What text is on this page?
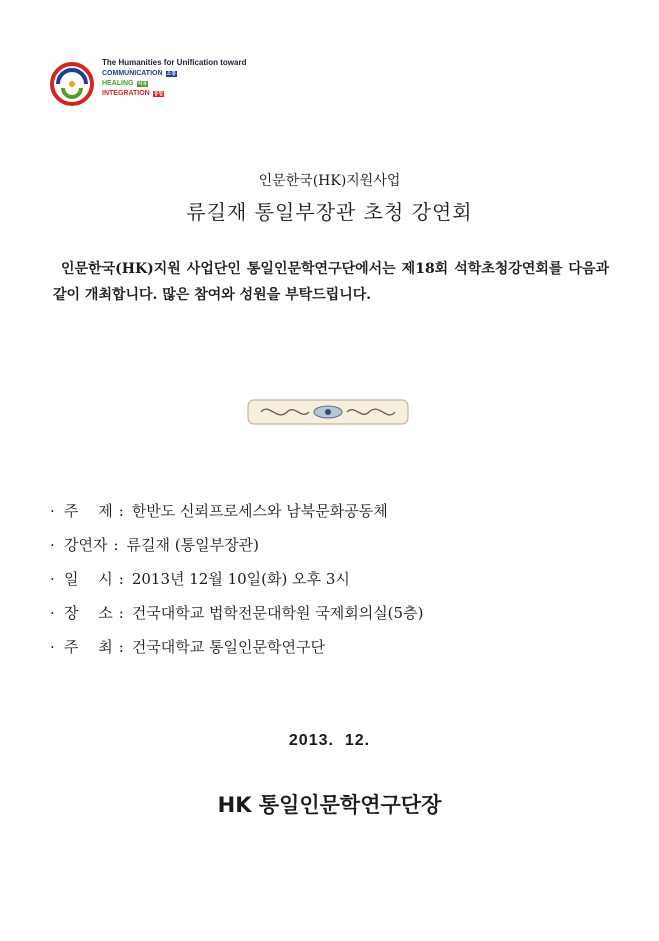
The Humanities for Unification toward
COMMUNICATION 소통
HEALING 치유
INTEGRATION 통합
인문한국(HK)지원사업
류길재 통일부장관 초청 강연회

인문한국(HK)지원 사업단인 통일인문학연구단에서는 제18회 석학초청강연회를 다음과 같이 개최합니다. 많은 참여와 성원을 부탁드립니다.

· 주　 제 : 한반도 신뢰프로세스와 남북문화공동체
· 강연자 : 류길재 (통일부장관)
· 일　 시 : 2013년 12월 10일(화) 오후 3시
· 장　 소 : 건국대학교 법학전문대학원 국제회의실(5층)
· 주　 최 : 건국대학교 통일인문학연구단
2013.  12.
HK 통일인문학연구단장
